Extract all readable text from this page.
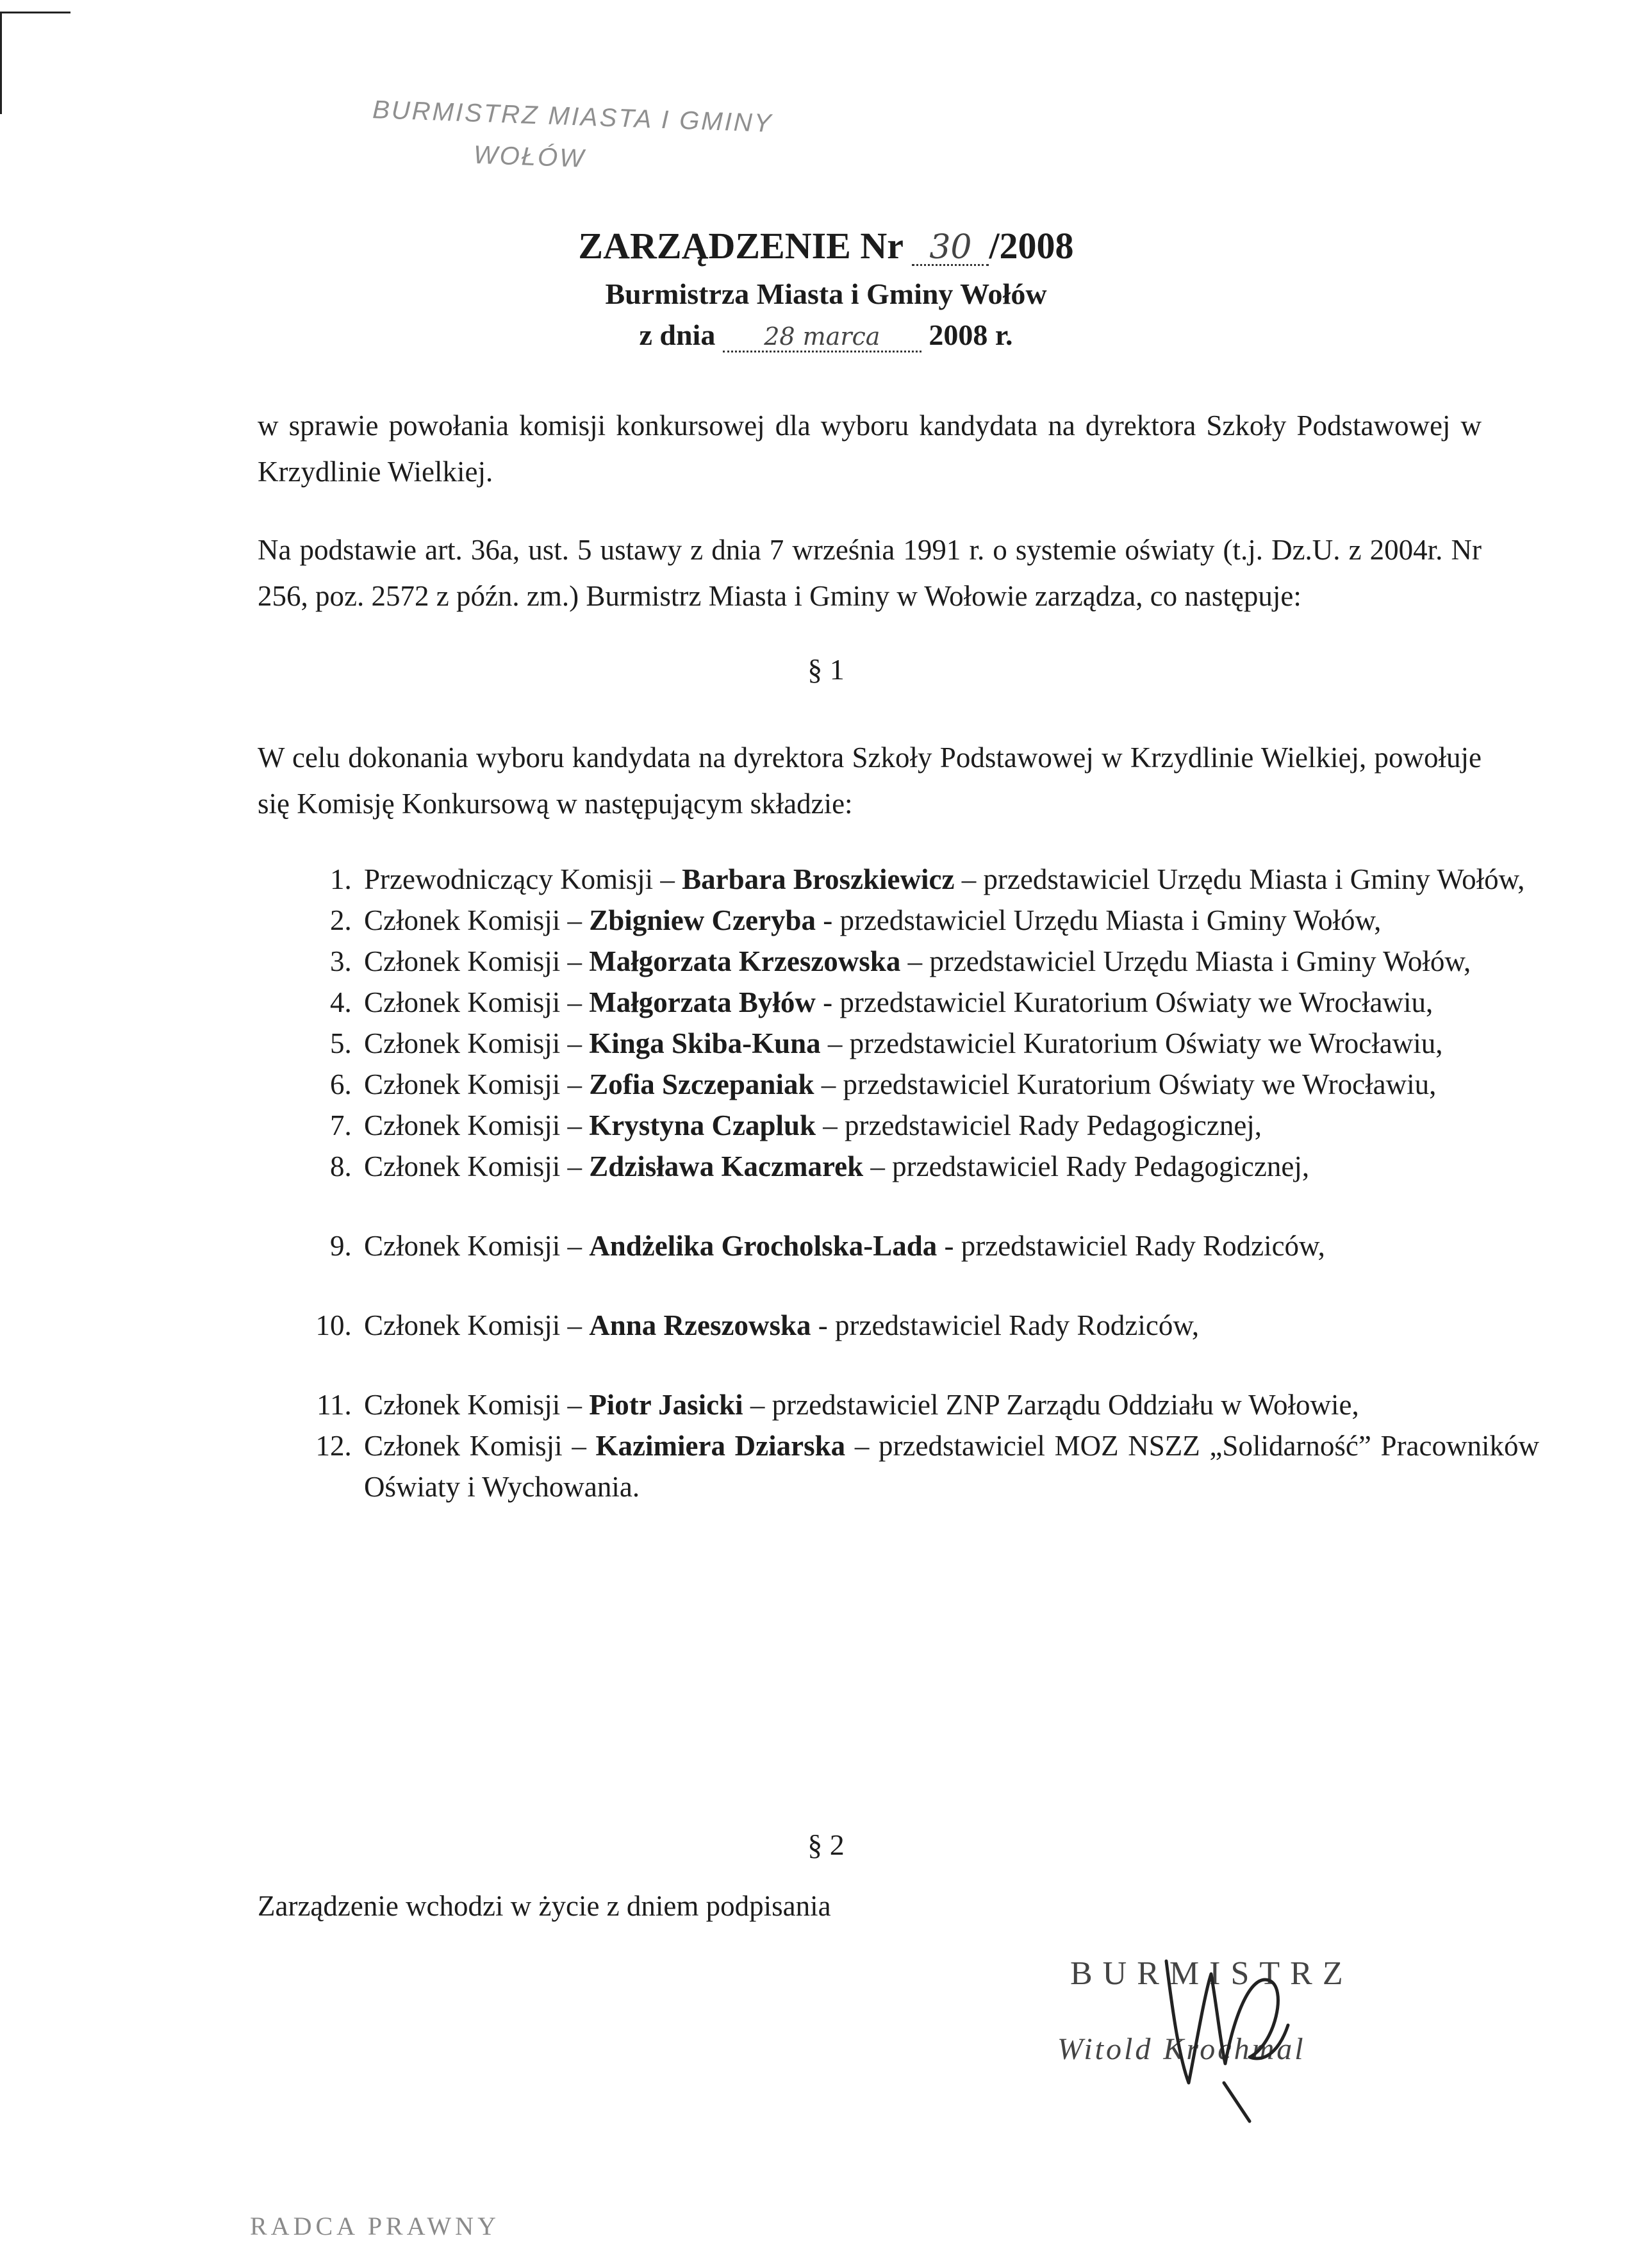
BURMISTRZ MIASTA I GMINY
WOŁÓW
ZARZĄDZENIE Nr 30 /2008
Burmistrza Miasta i Gminy Wołów
z dnia 28 marca 2008 r.
w sprawie powołania komisji konkursowej dla wyboru kandydata na dyrektora Szkoły Podstawowej w Krzydlinie Wielkiej.
Na podstawie art. 36a, ust. 5 ustawy z dnia 7 września 1991 r. o systemie oświaty (t.j. Dz.U. z 2004r. Nr 256, poz. 2572 z późn. zm.) Burmistrz Miasta i Gminy w Wołowie zarządza, co następuje:
§ 1
W celu dokonania wyboru kandydata na dyrektora Szkoły Podstawowej w Krzydlinie Wielkiej, powołuje się Komisję Konkursową w następującym składzie:
1. Przewodniczący Komisji – Barbara Broszkiewicz – przedstawiciel Urzędu Miasta i Gminy Wołów,
2. Członek Komisji – Zbigniew Czeryba - przedstawiciel Urzędu Miasta i Gminy Wołów,
3. Członek Komisji – Małgorzata Krzeszowska – przedstawiciel Urzędu Miasta i Gminy Wołów,
4. Członek Komisji – Małgorzata Byłów - przedstawiciel Kuratorium Oświaty we Wrocławiu,
5. Członek Komisji – Kinga Skiba-Kuna – przedstawiciel Kuratorium Oświaty we Wrocławiu,
6. Członek Komisji – Zofia Szczepaniak – przedstawiciel Kuratorium Oświaty we Wrocławiu,
7. Członek Komisji – Krystyna Czapluk – przedstawiciel Rady Pedagogicznej,
8. Członek Komisji – Zdzisława Kaczmarek – przedstawiciel Rady Pedagogicznej,
9. Członek Komisji – Andżelika Grocholska-Lada - przedstawiciel Rady Rodziców,
10. Członek Komisji – Anna Rzeszowska - przedstawiciel Rady Rodziców,
11. Członek Komisji – Piotr Jasicki – przedstawiciel ZNP Zarządu Oddziału w Wołowie,
12. Członek Komisji – Kazimiera Dziarska – przedstawiciel MOZ NSZZ „Solidarność” Pracowników Oświaty i Wychowania.
§ 2
Zarządzenie wchodzi w życie z dniem podpisania
BURMISTRZ
Witold Krochmal
RADCA PRAWNY
